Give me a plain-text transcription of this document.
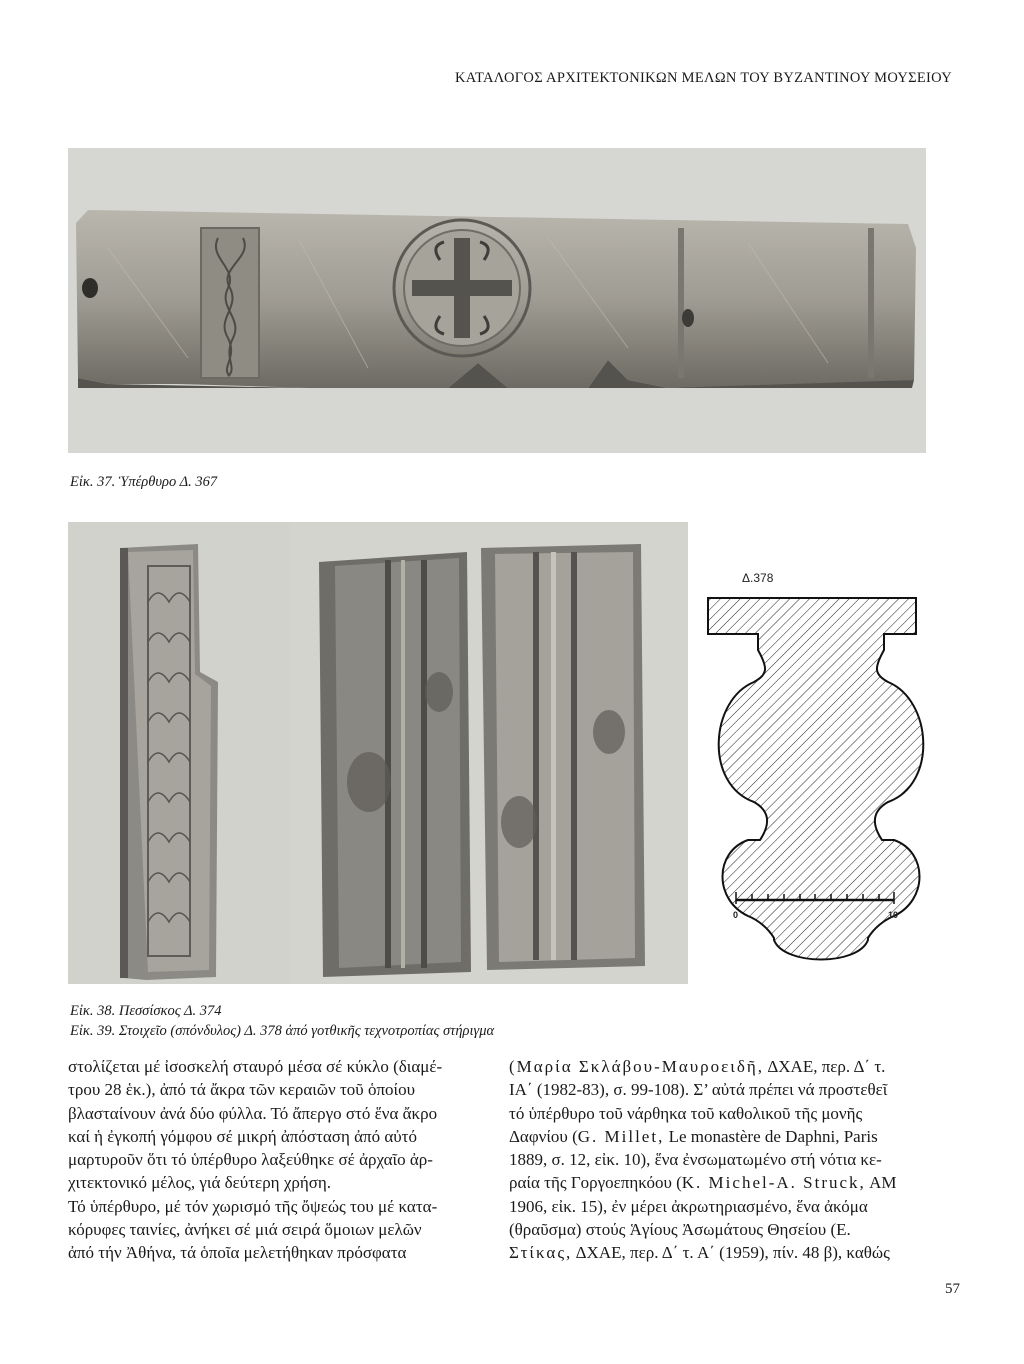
ΚΑΤΑΛΟΓΟΣ ΑΡΧΙΤΕΚΤΟΝΙΚΩΝ ΜΕΛΩΝ ΤΟΥ ΒΥΖΑΝΤΙΝΟΥ ΜΟΥΣΕΙΟΥ
Εἰκ. 37. Ὑπέρθυρο Δ. 367
Δ.378
0	10
Εἰκ. 38. Πεσσίσκος Δ. 374
Εἰκ. 39. Στοιχεῖο (σπόνδυλος) Δ. 378 ἀπό γοτθικῆς τεχνοτροπίας στήριγμα

στολίζεται μέ ἰσοσκελή σταυρό μέσα σέ κύκλο (διαμέ-

τρου 28 ἑκ.), ἀπό τά ἄκρα τῶν κεραιῶν τοῦ ὁποίου

βλασταίνουν ἀνά δύο φύλλα. Τό ἄπεργο στό ἕνα ἄκρο

καί ἡ ἐγκοπή γόμφου σέ μικρή ἀπόσταση ἀπό αὐτό

μαρτυροῦν ὅτι τό ὑπέρθυρο λαξεύθηκε σέ ἀρχαῖο ἀρ-

χιτεκτονικό μέλος, γιά δεύτερη χρήση.

Τό ὑπέρθυρο, μέ τόν χωρισμό τῆς ὄψεώς του μέ κατα-

κόρυφες ταινίες, ἀνήκει σέ μιά σειρά ὅμοιων μελῶν

ἀπό τήν Ἀθήνα, τά ὁποῖα μελετήθηκαν πρόσφατα

(Μαρία Σκλάβου-Μαυροειδῆ, ΔΧΑΕ, περ. Δ΄ τ.

ΙΑ΄ (1982-83), σ. 99-108). Σ’ αὐτά πρέπει νά προστεθεῖ

τό ὑπέρθυρο τοῦ νάρθηκα τοῦ καθολικοῦ τῆς μονῆς

Δαφνίου (G. Millet, Le monastère de Daphni, Paris

1889, σ. 12, εἰκ. 10), ἕνα ἐνσωματωμένο στή νότια κε-

ραία τῆς Γοργοεπηκόου (K. Michel-A. Struck, AM

1906, εἰκ. 15), ἐν μέρει ἀκρωτηριασμένο, ἕνα ἀκόμα

(θραῦσμα) στούς Ἁγίους Ἀσωμάτους Θησείου (Ε.

Στίκας, ΔΧΑΕ, περ. Δ΄ τ. Α΄ (1959), πίν. 48 β), καθώς

57
